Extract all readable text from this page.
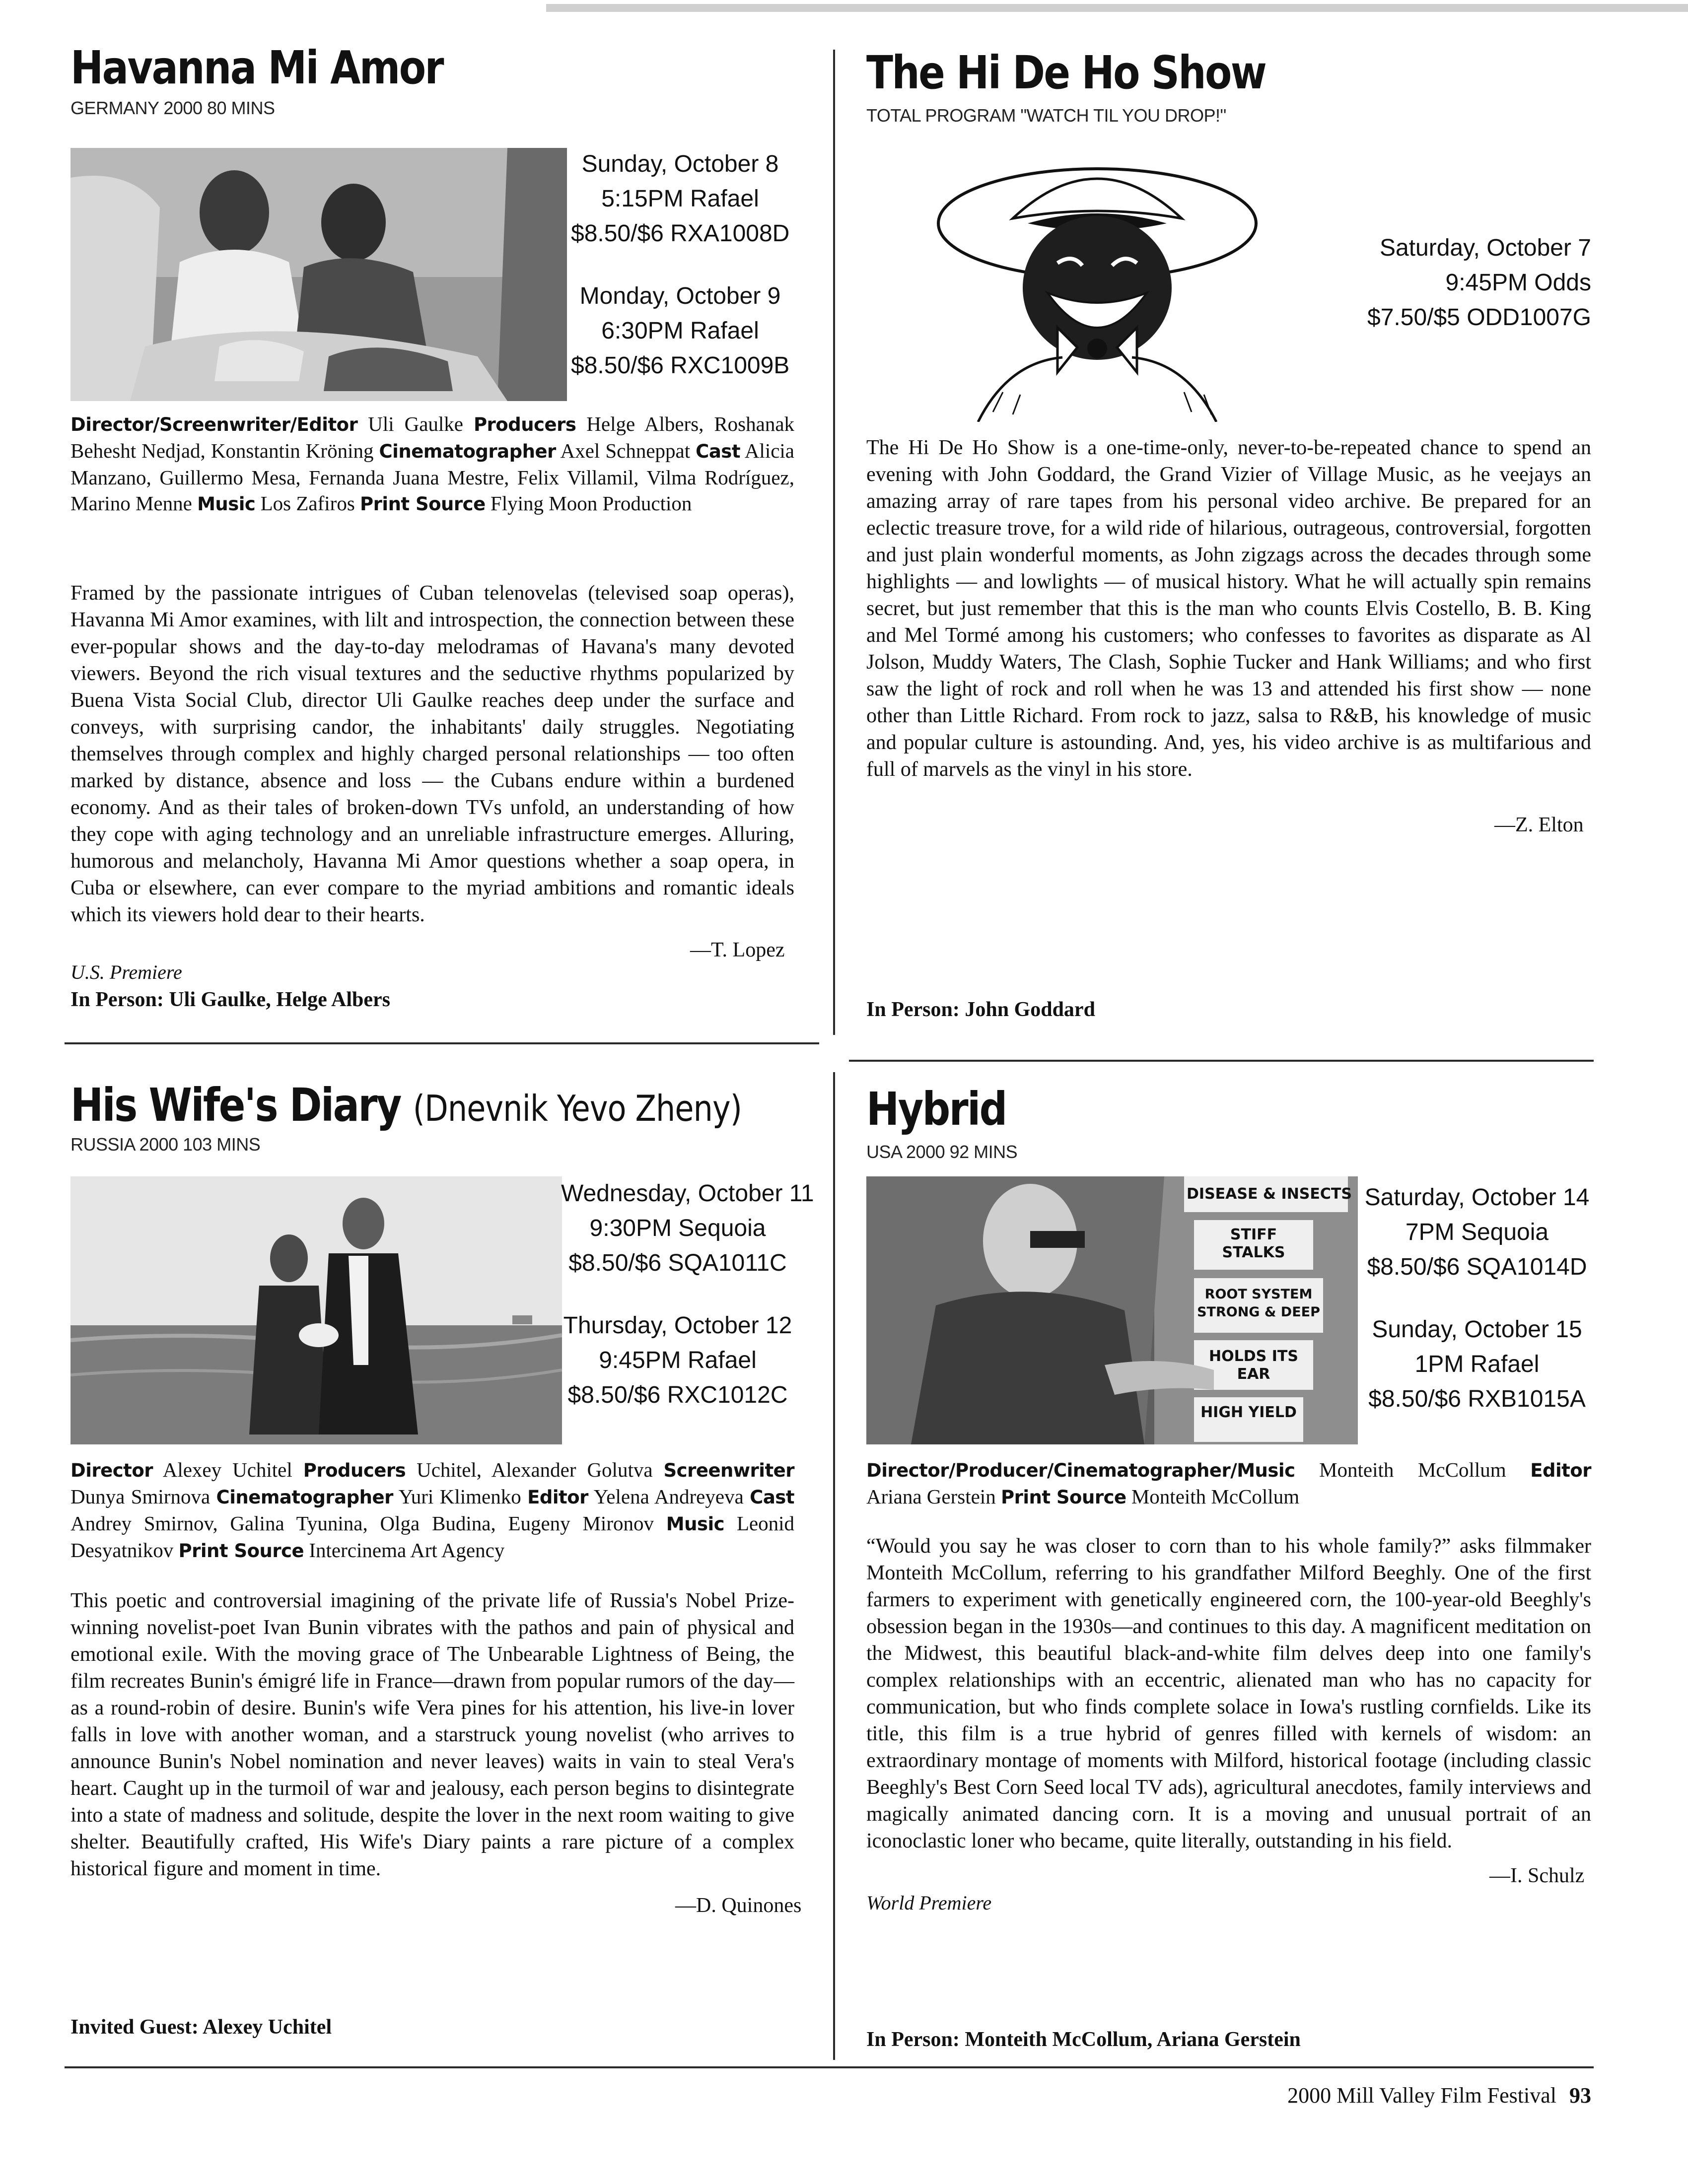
Havanna Mi Amor
GERMANY 2000 80 MINS
Sunday, October 8
5:15PM Rafael
$8.50/$6 RXA1008D
Monday, October 9
6:30PM Rafael
$8.50/$6 RXC1009B
Director/Screenwriter/Editor Uli Gaulke Producers Helge Albers, Roshanak Behesht Nedjad, Konstantin Kröning Cinematographer Axel Schneppat Cast Alicia Manzano, Guillermo Mesa, Fernanda Juana Mestre, Felix Villamil, Vilma Rodríguez, Marino Menne Music Los Zafiros Print Source Flying Moon Production

Framed by the passionate intrigues of Cuban telenovelas (televised soap operas), Havanna Mi Amor examines, with lilt and introspection, the connection between these ever-popular shows and the day-to-day melodramas of Havana's many devoted viewers. Beyond the rich visual textures and the seductive rhythms popularized by Buena Vista Social Club, director Uli Gaulke reaches deep under the surface and conveys, with surprising candor, the inhabitants' daily struggles. Negotiating themselves through complex and highly charged personal relationships — too often marked by distance, absence and loss — the Cubans endure within a burdened economy. And as their tales of broken-down TVs unfold, an understanding of how they cope with aging technology and an unreliable infrastructure emerges. Alluring, humorous and melancholy, Havanna Mi Amor questions whether a soap opera, in Cuba or elsewhere, can ever compare to the myriad ambitions and romantic ideals which its viewers hold dear to their hearts.

—T. Lopez
U.S. Premiere
In Person: Uli Gaulke, Helge Albers
The Hi De Ho Show
TOTAL PROGRAM "WATCH TIL YOU DROP!"
Saturday, October 7
9:45PM Odds
$7.50/$5 ODD1007G

The Hi De Ho Show is a one-time-only, never-to-be-repeated chance to spend an evening with John Goddard, the Grand Vizier of Village Music, as he veejays an amazing array of rare tapes from his personal video archive. Be prepared for an eclectic treasure trove, for a wild ride of hilarious, outrageous, controversial, forgotten and just plain wonderful moments, as John zigzags across the decades through some highlights — and lowlights — of musical history. What he will actually spin remains secret, but just remember that this is the man who counts Elvis Costello, B. B. King and Mel Tormé among his customers; who confesses to favorites as disparate as Al Jolson, Muddy Waters, The Clash, Sophie Tucker and Hank Williams; and who first saw the light of rock and roll when he was 13 and attended his first show — none other than Little Richard. From rock to jazz, salsa to R&B, his knowledge of music and popular culture is astounding. And, yes, his video archive is as multifarious and full of marvels as the vinyl in his store.

—Z. Elton
In Person: John Goddard
His Wife's Diary (Dnevnik Yevo Zheny)
RUSSIA 2000 103 MINS
Wednesday, October 11
9:30PM Sequoia
$8.50/$6 SQA1011C
Thursday, October 12
9:45PM Rafael
$8.50/$6 RXC1012C
Director Alexey Uchitel Producers Uchitel, Alexander Golutva Screenwriter Dunya Smirnova Cinematographer Yuri Klimenko Editor Yelena Andreyeva Cast Andrey Smirnov, Galina Tyunina, Olga Budina, Eugeny Mironov Music Leonid Desyatnikov Print Source Intercinema Art Agency

This poetic and controversial imagining of the private life of Russia's Nobel Prize-winning novelist-poet Ivan Bunin vibrates with the pathos and pain of physical and emotional exile. With the moving grace of The Unbearable Lightness of Being, the film recreates Bunin's émigré life in France—drawn from popular rumors of the day—as a round-robin of desire. Bunin's wife Vera pines for his attention, his live-in lover falls in love with another woman, and a starstruck young novelist (who arrives to announce Bunin's Nobel nomination and never leaves) waits in vain to steal Vera's heart. Caught up in the turmoil of war and jealousy, each person begins to disintegrate into a state of madness and solitude, despite the lover in the next room waiting to give shelter. Beautifully crafted, His Wife's Diary paints a rare picture of a complex historical figure and moment in time.

—D. Quinones
Invited Guest: Alexey Uchitel
Hybrid
USA 2000 92 MINS
DISEASE & INSECTS
STIFF STALKS
ROOT SYSTEM STRONG & DEEP
HOLDS ITS EAR
HIGH YIELD
Saturday, October 14
7PM Sequoia
$8.50/$6 SQA1014D
Sunday, October 15
1PM Rafael
$8.50/$6 RXB1015A
Director/Producer/Cinematographer/Music Monteith McCollum Editor Ariana Gerstein Print Source Monteith McCollum

“Would you say he was closer to corn than to his whole family?” asks filmmaker Monteith McCollum, referring to his grandfather Milford Beeghly. One of the first farmers to experiment with genetically engineered corn, the 100-year-old Beeghly's obsession began in the 1930s—and continues to this day. A magnificent meditation on the Midwest, this beautiful black-and-white film delves deep into one family's complex relationships with an eccentric, alienated man who has no capacity for communication, but who finds complete solace in Iowa's rustling cornfields. Like its title, this film is a true hybrid of genres filled with kernels of wisdom: an extraordinary montage of moments with Milford, historical footage (including classic Beeghly's Best Corn Seed local TV ads), agricultural anecdotes, family interviews and magically animated dancing corn. It is a moving and unusual portrait of an iconoclastic loner who became, quite literally, outstanding in his field.

—I. Schulz
World Premiere
In Person: Monteith McCollum, Ariana Gerstein
2000 Mill Valley Film Festival 93
